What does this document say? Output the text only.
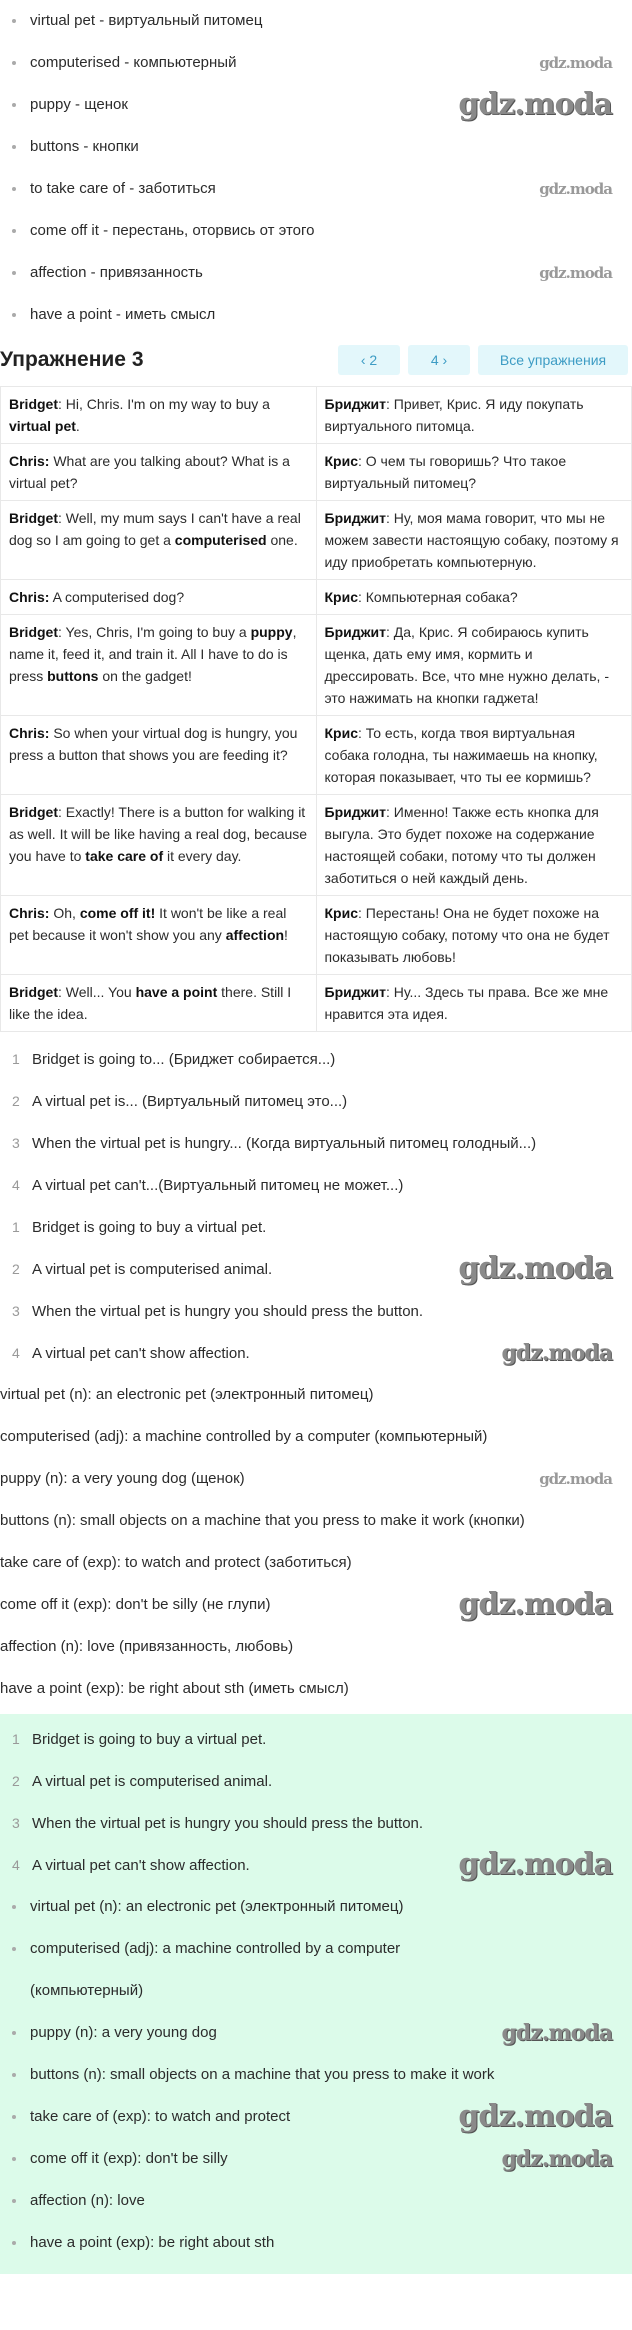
virtual pet - виртуальный питомец
gdz.moda
computerised - компьютерный
gdz.moda
puppy - щенок
buttons - кнопки
gdz.moda
to take care of - заботиться
come off it - перестань, оторвись от этого
gdz.moda
affection - привязанность
have a point - иметь смысл
Упражнение 3	‹ 2	4 ›	Все упражнения
Bridget: Hi, Chris. I'm on my way to buy a virtual pet.	Бриджит: Привет, Крис. Я иду покупать виртуального питомца.
Chris: What are you talking about? What is a virtual pet?	Крис: О чем ты говоришь? Что такое виртуальный питомец?
Bridget: Well, my mum says I can't have a real dog so I am going to get a computerised one.	Бриджит: Ну, моя мама говорит, что мы не можем завести настоящую собаку, поэтому я иду приобретать компьютерную.
Chris: A computerised dog?	Крис: Компьютерная собака?
Bridget: Yes, Chris, I'm going to buy a puppy, name it, feed it, and train it. All I have to do is press buttons on the gadget!	Бриджит: Да, Крис. Я собираюсь купить щенка, дать ему имя, кормить и дрессировать. Все, что мне нужно делать, - это нажимать на кнопки гаджета!
Chris: So when your virtual dog is hungry, you press a button that shows you are feeding it?	Крис: То есть, когда твоя виртуальная собака голодна, ты нажимаешь на кнопку, которая показывает, что ты ее кормишь?
Bridget: Exactly! There is a button for walking it as well. It will be like having a real dog, because you have to take care of it every day.	Бриджит: Именно! Также есть кнопка для выгула. Это будет похоже на содержание настоящей собаки, потому что ты должен заботиться о ней каждый день.
Chris: Oh, come off it! It won't be like a real pet because it won't show you any affection!	Крис: Перестань! Она не будет похоже на настоящую собаку, потому что она не будет показывать любовь!
Bridget: Well... You have a point there. Still I like the idea.	Бриджит: Ну... Здесь ты права. Все же мне нравится эта идея.
1 Bridget is going to... (Бриджет собирается...)
2 A virtual pet is... (Виртуальный питомец это...)
3 When the virtual pet is hungry... (Когда виртуальный питомец голодный...)
4 A virtual pet can't...(Виртуальный питомец не может...)
1 Bridget is going to buy a virtual pet.
gdz.moda
2 A virtual pet is computerised animal.
3 When the virtual pet is hungry you should press the button.
gdz.moda
4 A virtual pet can't show affection.
virtual pet (n): an electronic pet (электронный питомец)
computerised (adj): a machine controlled by a computer (компьютерный)
gdz.moda
puppy (n): a very young dog (щенок)
buttons (n): small objects on a machine that you press to make it work (кнопки)
take care of (exp): to watch and protect (заботиться)
gdz.moda
come off it (exp): don't be silly (не глупи)
affection (n): love (привязанность, любовь)
have a point (exp): be right about sth (иметь смысл)
1 Bridget is going to buy a virtual pet.
2 A virtual pet is computerised animal.
3 When the virtual pet is hungry you should press the button.
gdz.moda
4 A virtual pet can't show affection.
virtual pet (n): an electronic pet (электронный питомец)
computerised (adj): a machine controlled by a computer
(компьютерный)
gdz.moda
puppy (n): a very young dog
buttons (n): small objects on a machine that you press to make it work
gdz.moda
take care of (exp): to watch and protect
gdz.moda
come off it (exp): don't be silly
affection (n): love
have a point (exp): be right about sth
